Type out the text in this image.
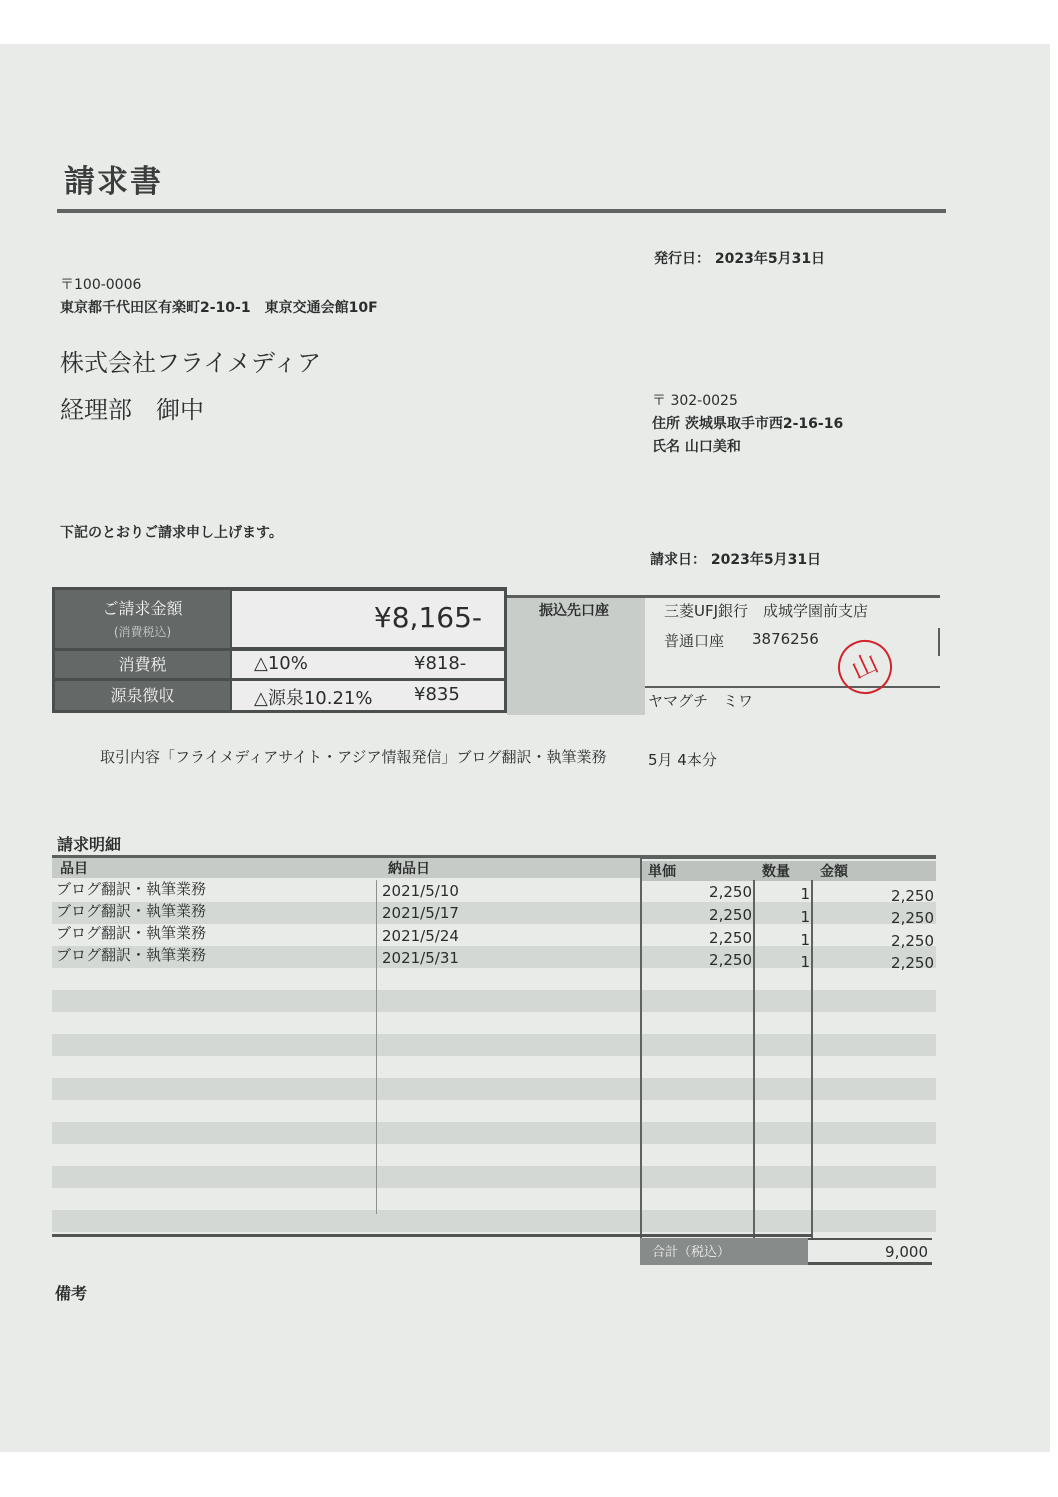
請求書
発行日： 2023年5月31日
〒100-0006
東京都千代田区有楽町2-10-1　東京交通会館10F
株式会社フライメディア
経理部　御中	〒 302-0025
住所 茨城県取手市西2-16-16
氏名 山口美和
下記のとおりご請求申し上げます。
請求日： 2023年5月31日
ご請求金額
(消費税込)	¥8,165-
消費税	△10%	¥818-
源泉徴収	△源泉10.21% ¥835
振込先口座	三菱UFJ銀行　成城学園前支店
普通口座 3876256
ヤマグチ　ミワ
山
取引内容「フライメディアサイト・アジア情報発信」ブログ翻訳・執筆業務	5月 4本分
請求明細
品目	納品日	単価	数量	金額
ブログ翻訳・執筆業務	2021/5/10	2,250	1	2,250
ブログ翻訳・執筆業務	2021/5/17	2,250	1	2,250
ブログ翻訳・執筆業務	2021/5/24	2,250	1	2,250
ブログ翻訳・執筆業務	2021/5/31	2,250	1	2,250
合計（税込）	9,000
備考
